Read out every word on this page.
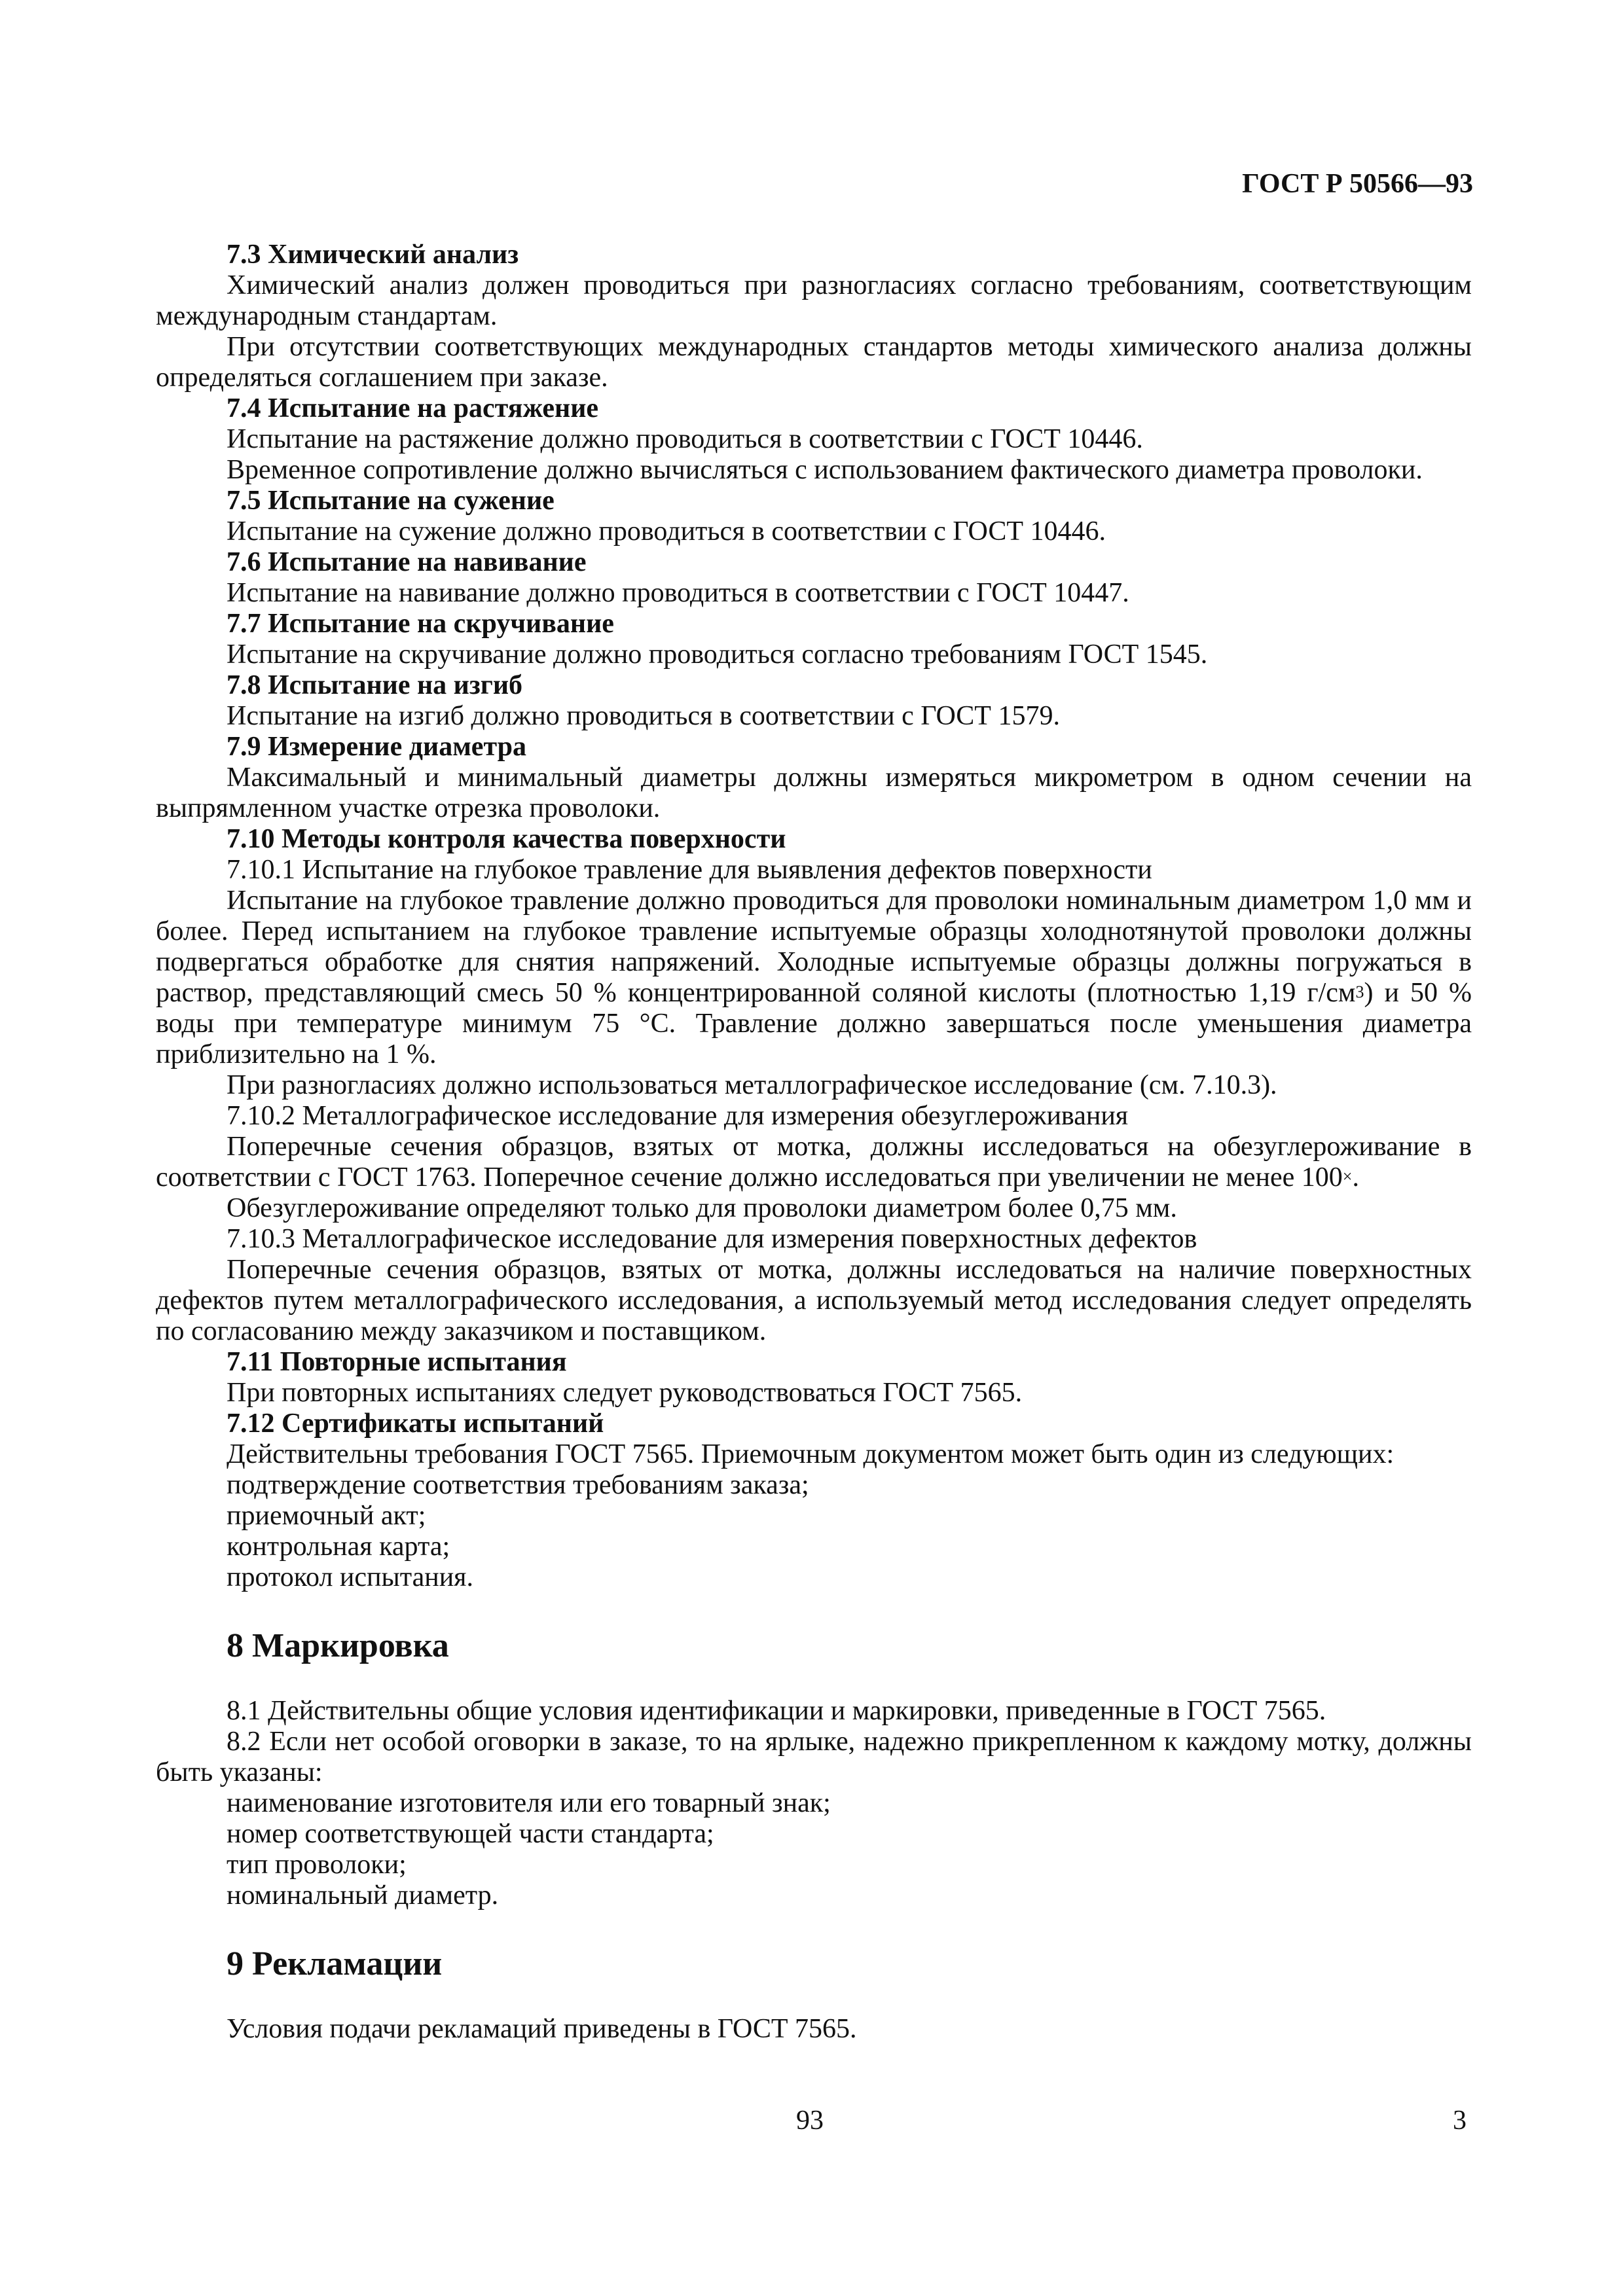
ГОСТ Р 50566—93

7.3 Химический анализ

Химический анализ должен проводиться при разногласиях согласно требованиям, соответствующим международным стандартам.

При отсутствии соответствующих международных стандартов методы химического анализа должны определяться соглашением при заказе.

7.4 Испытание на растяжение

Испытание на растяжение должно проводиться в соответствии с ГОСТ 10446.

Временное сопротивление должно вычисляться с использованием фактического диаметра проволоки.

7.5 Испытание на сужение

Испытание на сужение должно проводиться в соответствии с ГОСТ 10446.

7.6 Испытание на навивание

Испытание на навивание должно проводиться в соответствии с ГОСТ 10447.

7.7 Испытание на скручивание

Испытание на скручивание должно проводиться согласно требованиям ГОСТ 1545.

7.8 Испытание на изгиб

Испытание на изгиб должно проводиться в соответствии с ГОСТ 1579.

7.9 Измерение диаметра

Максимальный и минимальный диаметры должны измеряться микрометром в одном сечении на выпрямленном участке отрезка проволоки.

7.10 Методы контроля качества поверхности

7.10.1 Испытание на глубокое травление для выявления дефектов поверхности

Испытание на глубокое травление должно проводиться для проволоки номинальным диаметром 1,0 мм и более. Перед испытанием на глубокое травление испытуемые образцы холоднотянутой проволоки должны подвергаться обработке для снятия напряжений. Холодные испытуемые образцы должны погружаться в раствор, представляющий смесь 50 % концентрированной соляной кислоты (плотностью 1,19 $г/см^3$) и 50 % воды при температуре минимум 75 °С. Травление должно завершаться после уменьшения диаметра приблизительно на 1 %.

При разногласиях должно использоваться металлографическое исследование (см. 7.10.3).

7.10.2 Металлографическое исследование для измерения обезуглероживания

Поперечные сечения образцов, взятых от мотка, должны исследоваться на обезуглероживание в соответствии с ГОСТ 1763. Поперечное сечение должно исследоваться при увеличении не менее 100×.

Обезуглероживание определяют только для проволоки диаметром более 0,75 мм.

7.10.3 Металлографическое исследование для измерения поверхностных дефектов

Поперечные сечения образцов, взятых от мотка, должны исследоваться на наличие поверхностных дефектов путем металлографического исследования, а используемый метод исследования следует определять по согласованию между заказчиком и поставщиком.

7.11 Повторные испытания

При повторных испытаниях следует руководствоваться ГОСТ 7565.

7.12 Сертификаты испытаний

Действительны требования ГОСТ 7565. Приемочным документом может быть один из следующих:

подтверждение соответствия требованиям заказа;

приемочный акт;

контрольная карта;

протокол испытания.

8 Маркировка

8.1 Действительны общие условия идентификации и маркировки, приведенные в ГОСТ 7565.

8.2 Если нет особой оговорки в заказе, то на ярлыке, надежно прикрепленном к каждому мотку, должны быть указаны:

наименование изготовителя или его товарный знак;

номер соответствующей части стандарта;

тип проволоки;

номинальный диаметр.

9 Рекламации

Условия подачи рекламаций приведены в ГОСТ 7565.

93	3
